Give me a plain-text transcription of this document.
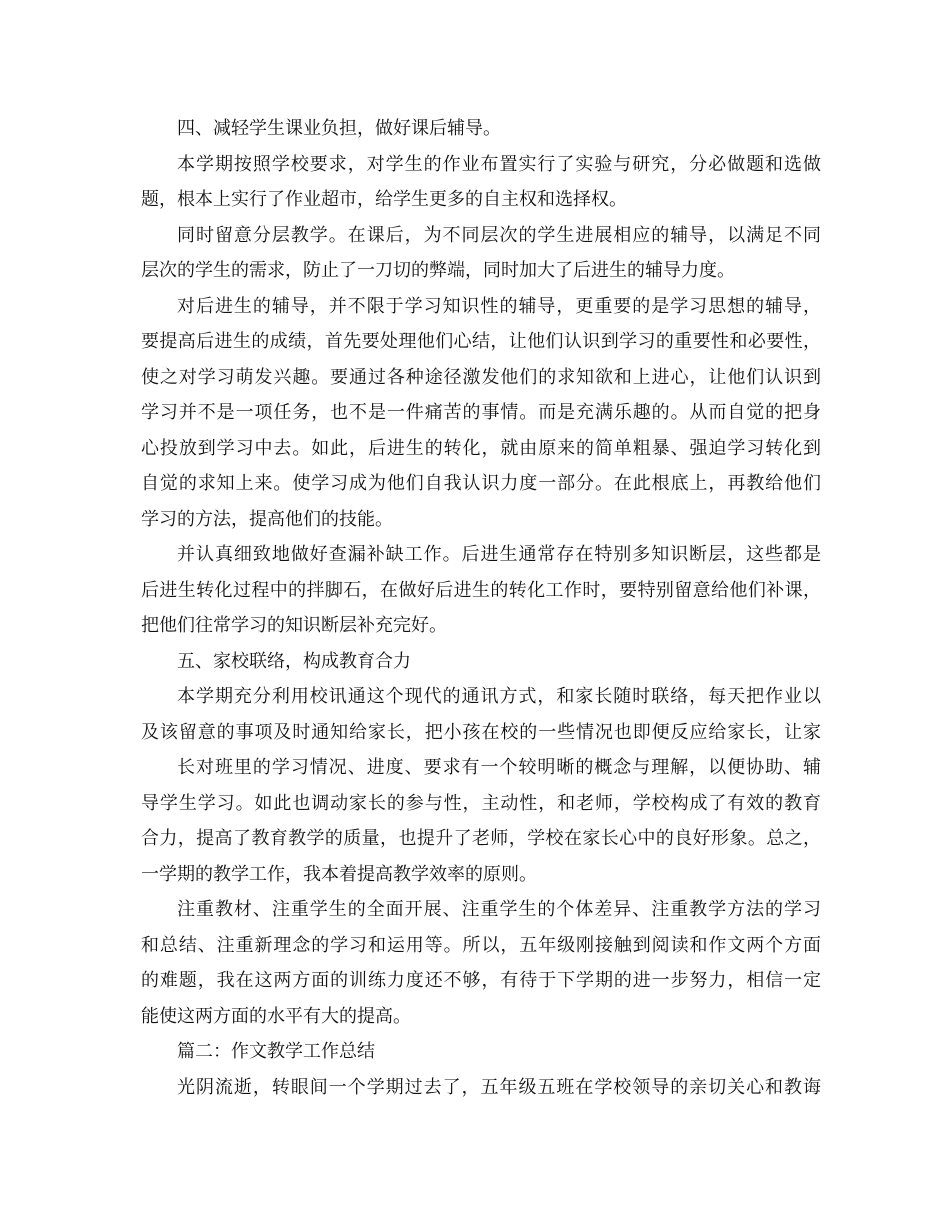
四、减轻学生课业负担，做好课后辅导。
本学期按照学校要求，对学生的作业布置实行了实验与研究，分必做题和选做
题，根本上实行了作业超市，给学生更多的自主权和选择权。
同时留意分层教学。在课后，为不同层次的学生进展相应的辅导，以满足不同
层次的学生的需求，防止了一刀切的弊端，同时加大了后进生的辅导力度。
对后进生的辅导，并不限于学习知识性的辅导，更重要的是学习思想的辅导，
要提高后进生的成绩，首先要处理他们心结，让他们认识到学习的重要性和必要性，
使之对学习萌发兴趣。要通过各种途径激发他们的求知欲和上进心，让他们认识到
学习并不是一项任务，也不是一件痛苦的事情。而是充满乐趣的。从而自觉的把身
心投放到学习中去。如此，后进生的转化，就由原来的简单粗暴、强迫学习转化到
自觉的求知上来。使学习成为他们自我认识力度一部分。在此根底上，再教给他们
学习的方法，提高他们的技能。
并认真细致地做好查漏补缺工作。后进生通常存在特别多知识断层，这些都是
后进生转化过程中的拌脚石，在做好后进生的转化工作时，要特别留意给他们补课，
把他们往常学习的知识断层补充完好。
五、家校联络，构成教育合力
本学期充分利用校讯通这个现代的通讯方式，和家长随时联络，每天把作业以
及该留意的事项及时通知给家长，把小孩在校的一些情况也即便反应给家长，让家
长对班里的学习情况、进度、要求有一个较明晰的概念与理解，以便协助、辅
导学生学习。如此也调动家长的参与性，主动性，和老师，学校构成了有效的教育
合力，提高了教育教学的质量，也提升了老师，学校在家长心中的良好形象。总之，
一学期的教学工作，我本着提高教学效率的原则。
注重教材、注重学生的全面开展、注重学生的个体差异、注重教学方法的学习
和总结、注重新理念的学习和运用等。所以，五年级刚接触到阅读和作文两个方面
的难题，我在这两方面的训练力度还不够，有待于下学期的进一步努力，相信一定
能使这两方面的水平有大的提高。
篇二：作文教学工作总结
光阴流逝，转眼间一个学期过去了，五年级五班在学校领导的亲切关心和教诲
